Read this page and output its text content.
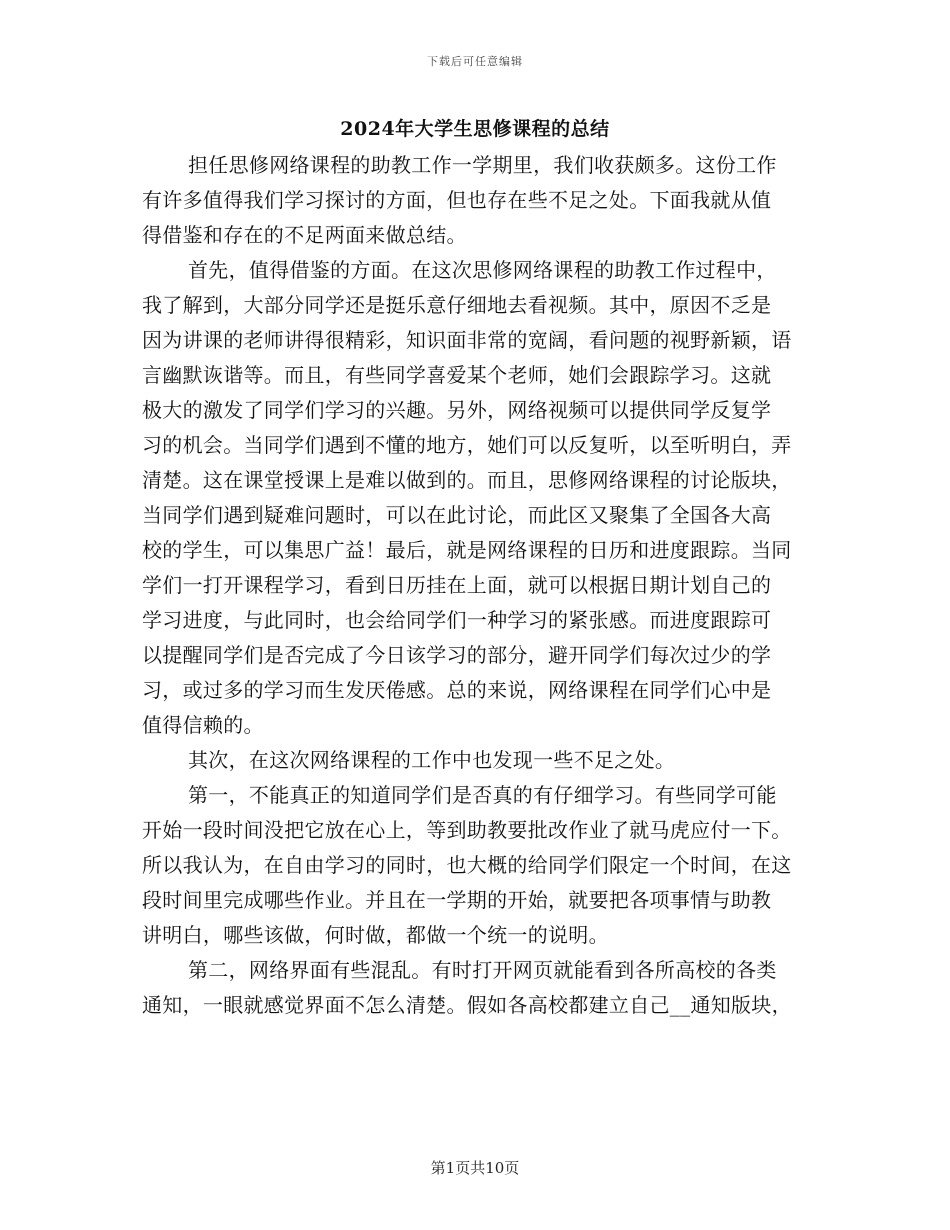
下载后可任意编辑
2024年大学生思修课程的总结
担任思修网络课程的助教工作一学期里，我们收获颇多。这份工作
有许多值得我们学习探讨的方面，但也存在些不足之处。下面我就从值
得借鉴和存在的不足两面来做总结。
首先，值得借鉴的方面。在这次思修网络课程的助教工作过程中，
我了解到，大部分同学还是挺乐意仔细地去看视频。其中，原因不乏是
因为讲课的老师讲得很精彩，知识面非常的宽阔，看问题的视野新颖，语
言幽默诙谐等。而且，有些同学喜爱某个老师，她们会跟踪学习。这就
极大的激发了同学们学习的兴趣。另外，网络视频可以提供同学反复学
习的机会。当同学们遇到不懂的地方，她们可以反复听，以至听明白，弄
清楚。这在课堂授课上是难以做到的。而且，思修网络课程的讨论版块，
当同学们遇到疑难问题时，可以在此讨论，而此区又聚集了全国各大高
校的学生，可以集思广益！最后，就是网络课程的日历和进度跟踪。当同
学们一打开课程学习，看到日历挂在上面，就可以根据日期计划自己的
学习进度，与此同时，也会给同学们一种学习的紧张感。而进度跟踪可
以提醒同学们是否完成了今日该学习的部分，避开同学们每次过少的学
习，或过多的学习而生发厌倦感。总的来说，网络课程在同学们心中是
值得信赖的。
其次，在这次网络课程的工作中也发现一些不足之处。
第一，不能真正的知道同学们是否真的有仔细学习。有些同学可能
开始一段时间没把它放在心上，等到助教要批改作业了就马虎应付一下。
所以我认为，在自由学习的同时，也大概的给同学们限定一个时间，在这
段时间里完成哪些作业。并且在一学期的开始，就要把各项事情与助教
讲明白，哪些该做，何时做，都做一个统一的说明。
第二，网络界面有些混乱。有时打开网页就能看到各所高校的各类
通知，一眼就感觉界面不怎么清楚。假如各高校都建立自己__通知版块，
第1页共10页
